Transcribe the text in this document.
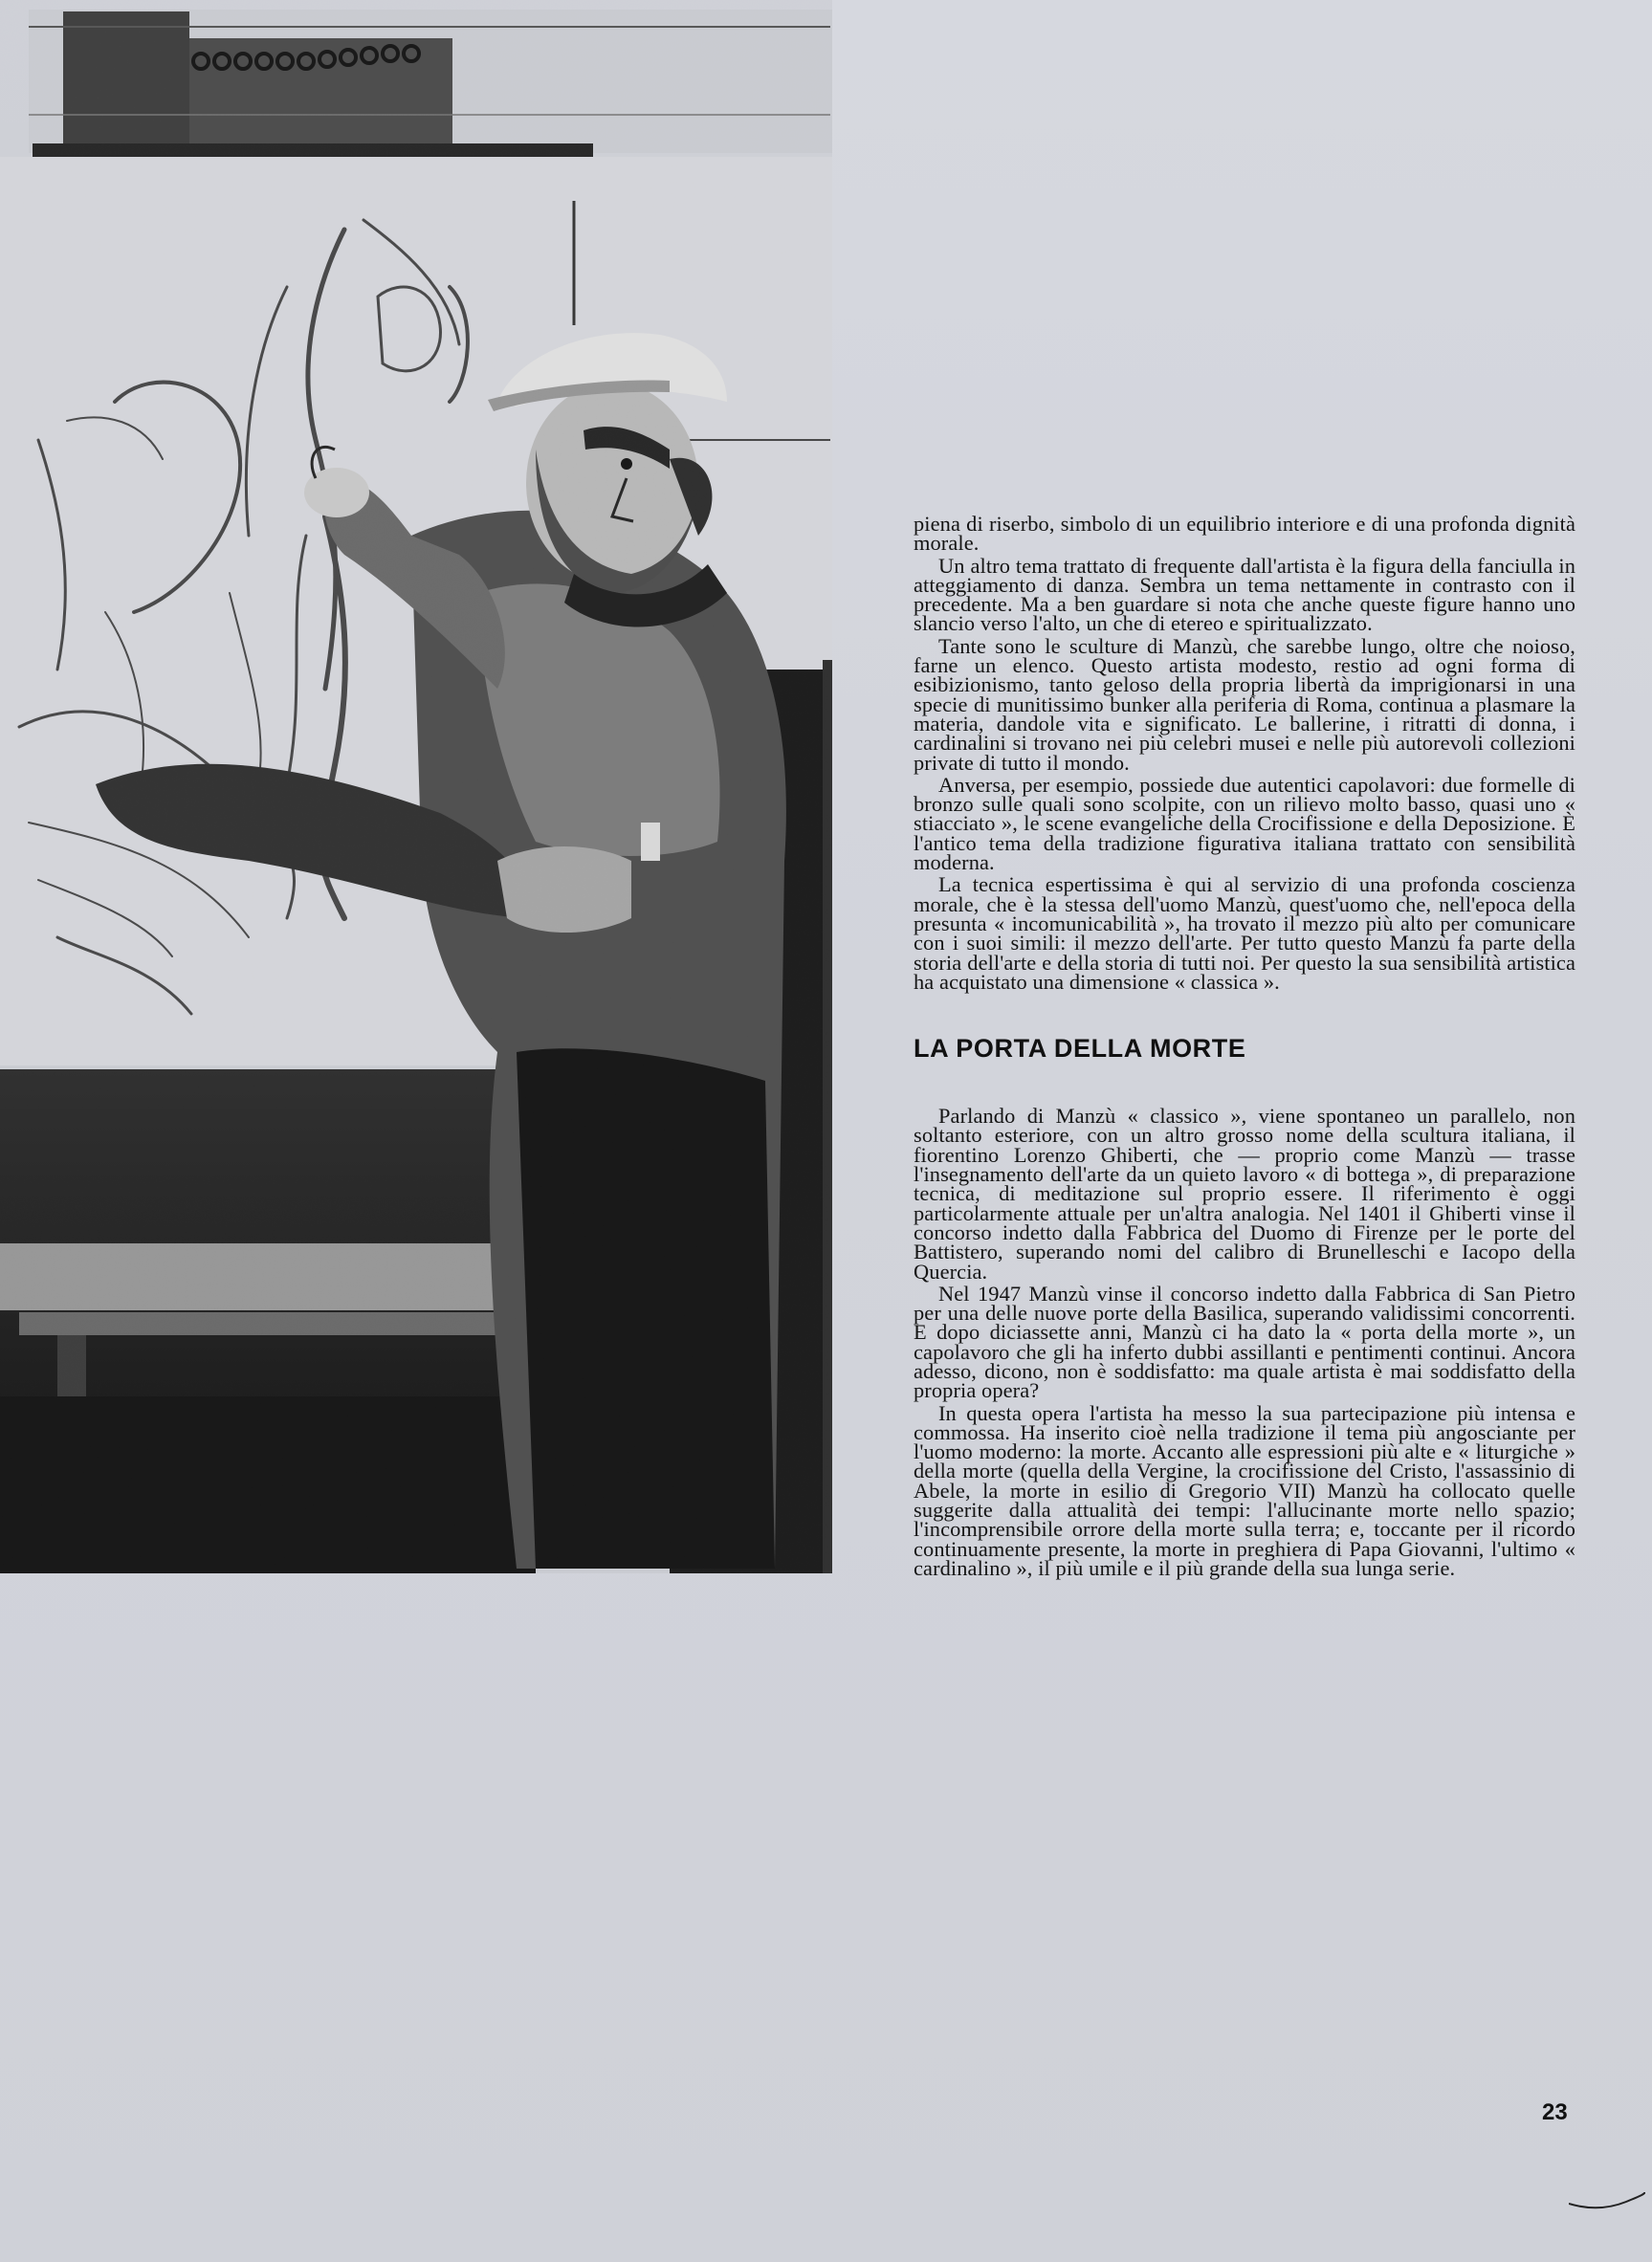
piena di riserbo, simbolo di un equilibrio interiore e di una profonda dignità morale.

Un altro tema trattato di frequente dall'artista è la figura della fanciulla in atteggiamento di danza. Sembra un tema nettamente in contrasto con il precedente. Ma a ben guardare si nota che anche queste figure hanno uno slancio verso l'alto, un che di etereo e spiritualizzato.

Tante sono le sculture di Manzù, che sarebbe lungo, oltre che noioso, farne un elenco. Questo artista modesto, restio ad ogni forma di esibizionismo, tanto geloso della propria libertà da imprigionarsi in una specie di munitissimo bunker alla periferia di Roma, continua a plasmare la materia, dandole vita e significato. Le ballerine, i ritratti di donna, i cardinalini si trovano nei più celebri musei e nelle più autorevoli collezioni private di tutto il mondo.

Anversa, per esempio, possiede due autentici capolavori: due formelle di bronzo sulle quali sono scolpite, con un rilievo molto basso, quasi uno « stiacciato », le scene evangeliche della Crocifissione e della Deposizione. È l'antico tema della tradizione figurativa italiana trattato con sensibilità moderna.

La tecnica espertissima è qui al servizio di una profonda coscienza morale, che è la stessa dell'uomo Manzù, quest'uomo che, nell'epoca della presunta « incomunicabilità », ha trovato il mezzo più alto per comunicare con i suoi simili: il mezzo dell'arte. Per tutto questo Manzù fa parte della storia dell'arte e della storia di tutti noi. Per questo la sua sensibilità artistica ha acquistato una dimensione « classica ».

LA PORTA DELLA MORTE

Parlando di Manzù « classico », viene spontaneo un parallelo, non soltanto esteriore, con un altro grosso nome della scultura italiana, il fiorentino Lorenzo Ghiberti, che — proprio come Manzù — trasse l'insegnamento dell'arte da un quieto lavoro « di bottega », di preparazione tecnica, di meditazione sul proprio essere. Il riferimento è oggi particolarmente attuale per un'altra analogia. Nel 1401 il Ghiberti vinse il concorso indetto dalla Fabbrica del Duomo di Firenze per le porte del Battistero, superando nomi del calibro di Brunelleschi e Iacopo della Quercia.

Nel 1947 Manzù vinse il concorso indetto dalla Fabbrica di San Pietro per una delle nuove porte della Basilica, superando validissimi concorrenti. E dopo diciassette anni, Manzù ci ha dato la « porta della morte », un capolavoro che gli ha inferto dubbi assillanti e pentimenti continui. Ancora adesso, dicono, non è soddisfatto: ma quale artista è mai soddisfatto della propria opera?

In questa opera l'artista ha messo la sua partecipazione più intensa e commossa. Ha inserito cioè nella tradizione il tema più angosciante per l'uomo moderno: la morte. Accanto alle espressioni più alte e « liturgiche » della morte (quella della Vergine, la crocifissione del Cristo, l'assassinio di Abele, la morte in esilio di Gregorio VII) Manzù ha collocato quelle suggerite dalla attualità dei tempi: l'allucinante morte nello spazio; l'incomprensibile orrore della morte sulla terra; e, toccante per il ricordo continuamente presente, la morte in preghiera di Papa Giovanni, l'ultimo « cardinalino », il più umile e il più grande della sua lunga serie.

23
